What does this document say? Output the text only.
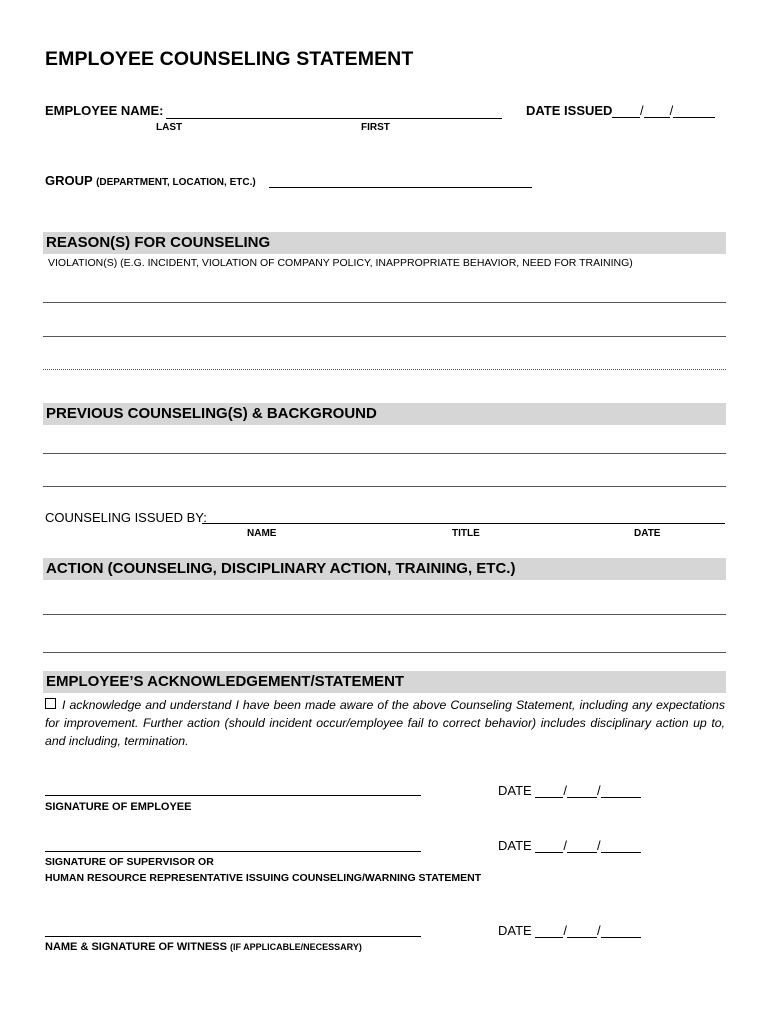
EMPLOYEE COUNSELING STATEMENT
EMPLOYEE NAME:
LAST	FIRST
DATE ISSUED	/ /
GROUP (DEPARTMENT, LOCATION, ETC.)
REASON(S) FOR COUNSELING
VIOLATION(S) (E.G. INCIDENT, VIOLATION OF COMPANY POLICY, INAPPROPRIATE BEHAVIOR, NEED FOR TRAINING)
PREVIOUS COUNSELING(S) & BACKGROUND
COUNSELING ISSUED BY:
NAME	TITLE	DATE
ACTION (COUNSELING, DISCIPLINARY ACTION, TRAINING, ETC.)
EMPLOYEE’S ACKNOWLEDGEMENT/STATEMENT
I acknowledge and understand I have been made aware of the above Counseling Statement, including any expectations for improvement. Further action (should incident occur/employee fail to correct behavior) includes disciplinary action up to, and including, termination.
SIGNATURE OF EMPLOYEE
DATE / /
SIGNATURE OF SUPERVISOR OR
HUMAN RESOURCE REPRESENTATIVE ISSUING COUNSELING/WARNING STATEMENT
DATE / /
NAME & SIGNATURE OF WITNESS (IF APPLICABLE/NECESSARY)
DATE / /
